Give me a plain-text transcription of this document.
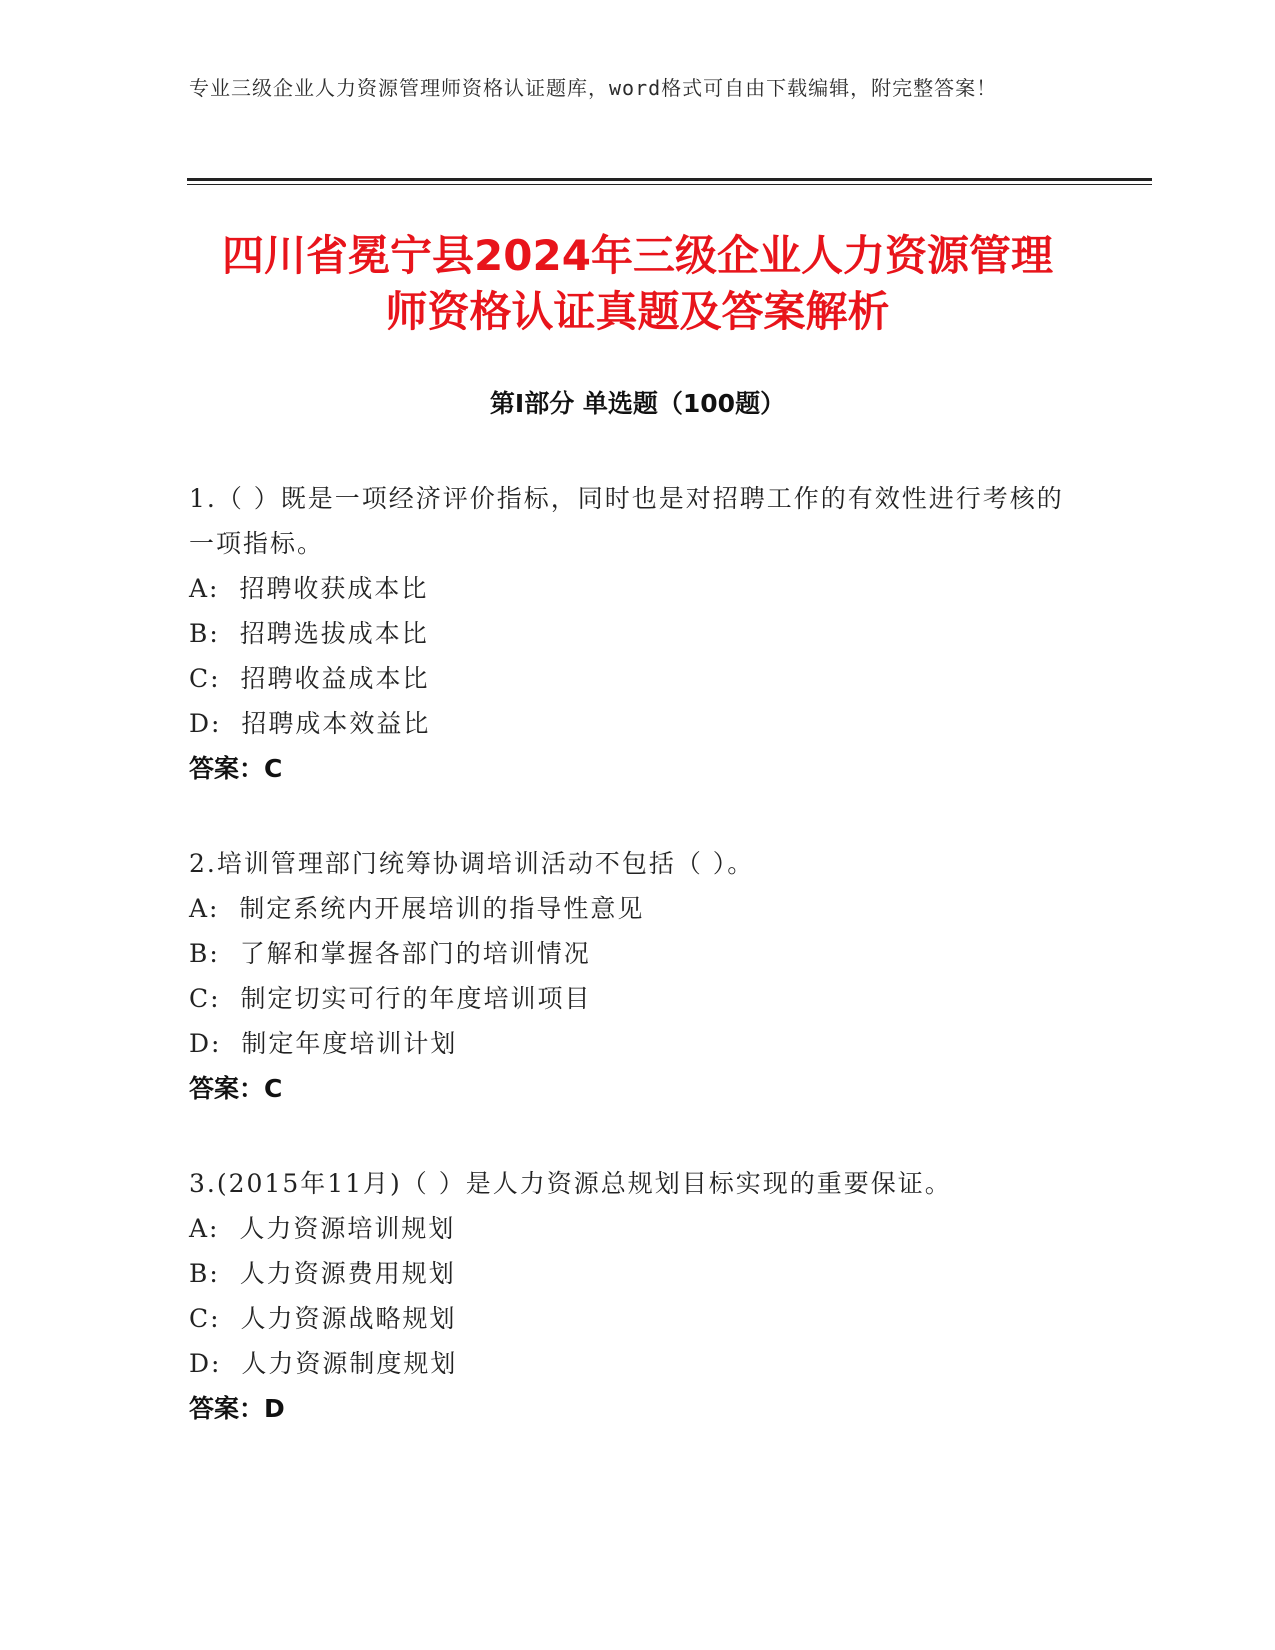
专业三级企业人力资源管理师资格认证题库，word格式可自由下载编辑，附完整答案！
四川省冕宁县2024年三级企业人力资源管理
师资格认证真题及答案解析
第Ⅰ部分 单选题（100题）

1.（ ）既是一项经济评价指标，同时也是对招聘工作的有效性进行考核的一项指标。

A:  招聘收获成本比

B:  招聘选拔成本比

C:  招聘收益成本比

D:  招聘成本效益比

答案：C

2.培训管理部门统筹协调培训活动不包括（ ）。

A:  制定系统内开展培训的指导性意见

B:  了解和掌握各部门的培训情况

C:  制定切实可行的年度培训项目

D:  制定年度培训计划

答案：C

3.(2015年11月)（ ）是人力资源总规划目标实现的重要保证。

A:  人力资源培训规划

B:  人力资源费用规划

C:  人力资源战略规划

D:  人力资源制度规划

答案：D
